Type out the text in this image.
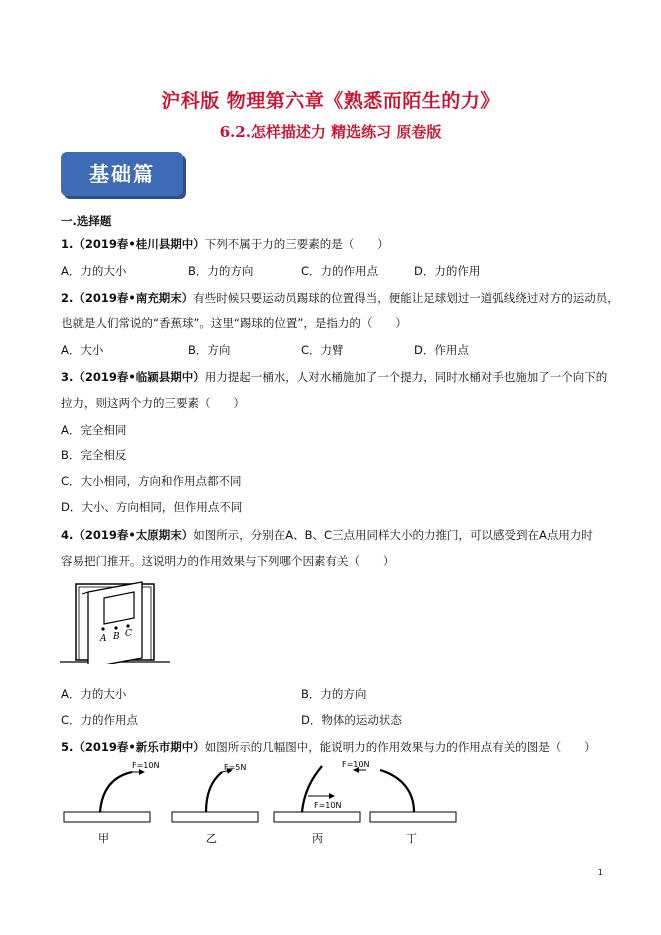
沪科版 物理第六章《熟悉而陌生的力》
6.2.怎样描述力 精选练习 原卷版
基础篇
一.选择题
1.（2019春•桂川县期中）下列不属于力的三要素的是（　　）
A．力的大小	B．力的方向	C．力的作用点	D．力的作用
2.（2019春•南充期末）有些时候只要运动员踢球的位置得当，便能让足球划过一道弧线绕过对方的运动员，
也就是人们常说的“香蕉球”。这里“踢球的位置”，是指力的（　　）
A．大小	B．方向	C．力臂	D．作用点
3.（2019春•临颍县期中）用力提起一桶水，人对水桶施加了一个提力，同时水桶对手也施加了一个向下的
拉力，则这两个力的三要素（　　）
A．完全相同
B．完全相反
C．大小相同，方向和作用点都不同
D．大小、方向相同，但作用点不同
4.（2019春•太原期末）如图所示，分别在A、B、C三点用同样大小的力推门，可以感受到在A点用力时
容易把门推开。这说明力的作用效果与下列哪个因素有关（　　）
A B C
A．力的大小	B．力的方向
C．力的作用点	D．物体的运动状态
5.（2019春•新乐市期中）如图所示的几幅图中，能说明力的作用效果与力的作用点有关的图是（　　）
F=10N
甲
F=5N
乙
F=10N
丙
F=10N
丁
1
